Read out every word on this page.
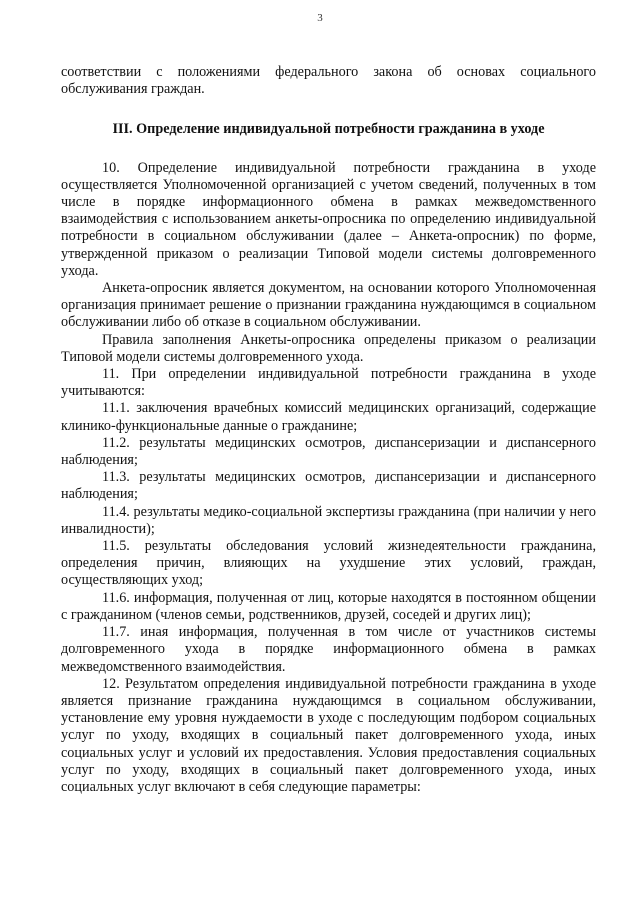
3

соответствии с положениями федерального закона об основах социального обслуживания граждан.

III. Определение индивидуальной потребности гражданина в уходе

10. Определение индивидуальной потребности гражданина в уходе осуществляется Уполномоченной организацией с учетом сведений, полученных в том числе в порядке информационного обмена в рамках межведомственного взаимодействия с использованием анкеты-опросника по определению индивидуальной потребности в социальном обслуживании (далее – Анкета-опросник) по форме, утвержденной приказом о реализации Типовой модели системы долговременного ухода.

Анкета-опросник является документом, на основании которого Уполномоченная организация принимает решение о признании гражданина нуждающимся в социальном обслуживании либо об отказе в социальном обслуживании.

Правила заполнения Анкеты-опросника определены приказом о реализации Типовой модели системы долговременного ухода.

11. При определении индивидуальной потребности гражданина в уходе учитываются:

11.1. заключения врачебных комиссий медицинских организаций, содержащие клинико-функциональные данные о гражданине;

11.2. результаты медицинских осмотров, диспансеризации и диспансерного наблюдения;

11.3. результаты медицинских осмотров, диспансеризации и диспансерного наблюдения;

11.4. результаты медико-социальной экспертизы гражданина (при наличии у него инвалидности);

11.5. результаты обследования условий жизнедеятельности гражданина, определения причин, влияющих на ухудшение этих условий, граждан, осуществляющих уход;

11.6. информация, полученная от лиц, которые находятся в постоянном общении с гражданином (членов семьи, родственников, друзей, соседей и других лиц);

11.7. иная информация, полученная в том числе от участников системы долговременного ухода в порядке информационного обмена в рамках межведомственного взаимодействия.

12. Результатом определения индивидуальной потребности гражданина в уходе является признание гражданина нуждающимся в социальном обслуживании, установление ему уровня нуждаемости в уходе с последующим подбором социальных услуг по уходу, входящих в социальный пакет долговременного ухода, иных социальных услуг и условий их предоставления. Условия предоставления социальных услуг по уходу, входящих в социальный пакет долговременного ухода, иных социальных услуг включают в себя следующие параметры:
